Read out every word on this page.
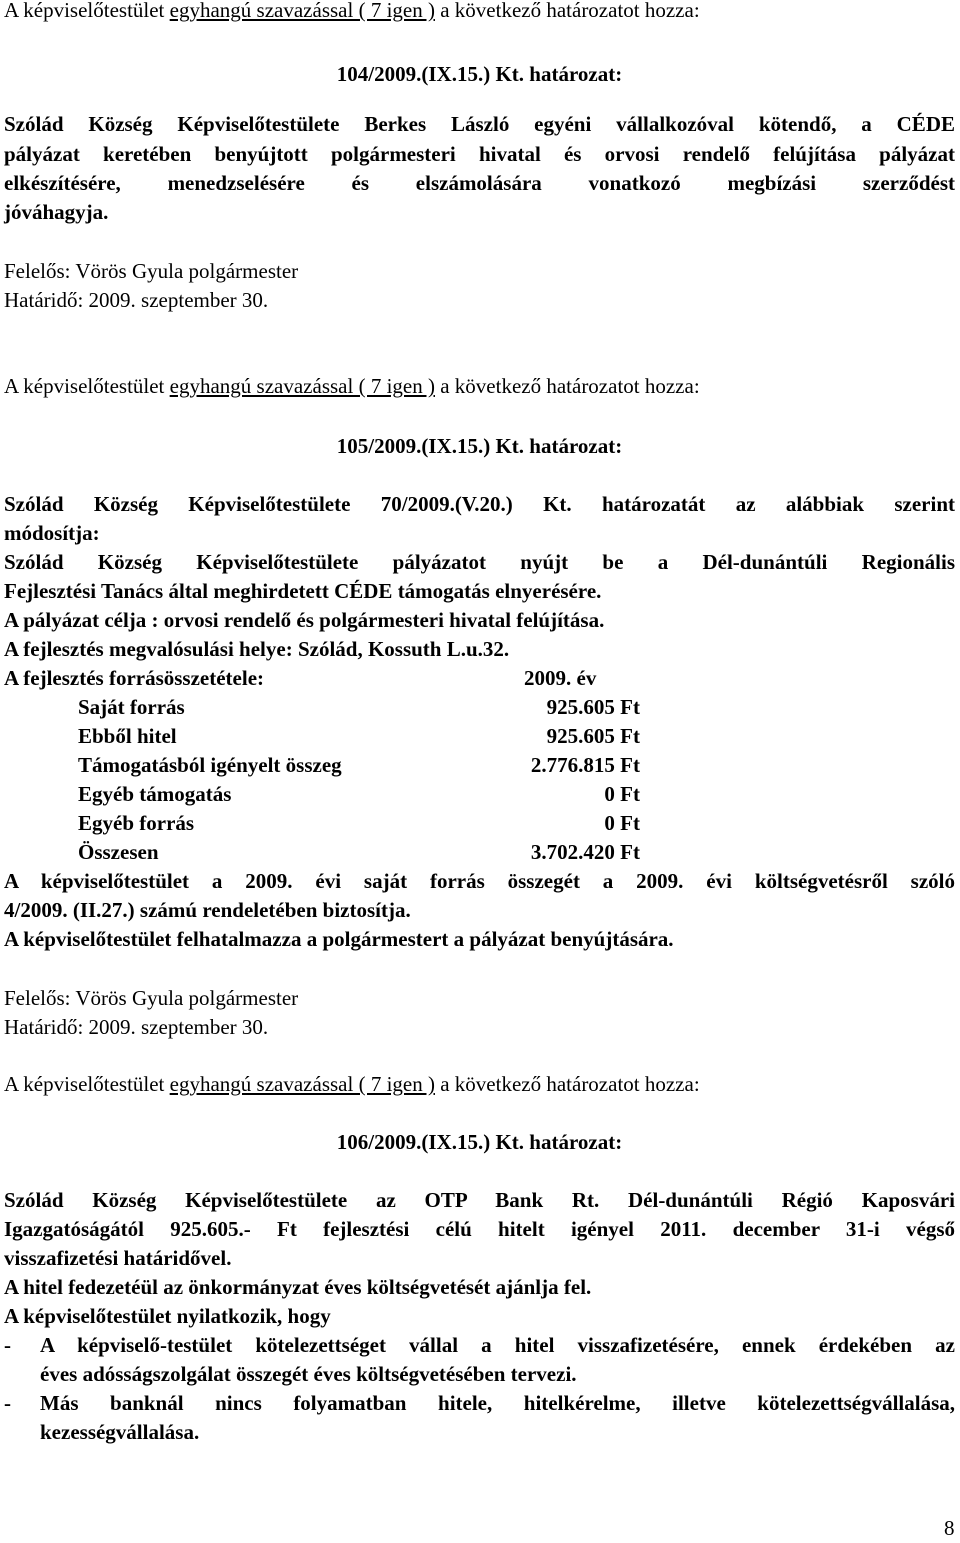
A képviselőtestület egyhangú szavazással ( 7 igen ) a következő határozatot hozza:
104/2009.(IX.15.) Kt. határozat:
Szólád Község Képviselőtestülete Berkes László egyéni vállalkozóval kötendő, a CÉDE
pályázat keretében benyújtott polgármesteri hivatal és orvosi rendelő felújítása pályázat
elkészítésére, menedzselésére és elszámolására vonatkozó megbízási szerződést
jóváhagyja.
Felelős: Vörös Gyula polgármester
Határidő: 2009. szeptember 30.
A képviselőtestület egyhangú szavazással ( 7 igen ) a következő határozatot hozza:
105/2009.(IX.15.) Kt. határozat:
Szólád Község Képviselőtestülete 70/2009.(V.20.) Kt. határozatát az alábbiak szerint
módosítja:
Szólád Község Képviselőtestülete pályázatot nyújt be a Dél-dunántúli Regionális
Fejlesztési Tanács által meghirdetett CÉDE támogatás elnyerésére.
A pályázat célja : orvosi rendelő és polgármesteri hivatal felújítása.
A fejlesztés megvalósulási helye: Szólád, Kossuth L.u.32.
A fejlesztés forrásösszetétele:	2009. év
Saját forrás	925.605 Ft
Ebből hitel	925.605 Ft
Támogatásból igényelt összeg	2.776.815 Ft
Egyéb támogatás	0 Ft
Egyéb forrás	0 Ft
Összesen	3.702.420 Ft
A képviselőtestület a 2009. évi saját forrás összegét a 2009. évi költségvetésről szóló
4/2009. (II.27.) számú rendeletében biztosítja.
A képviselőtestület felhatalmazza a polgármestert a pályázat benyújtására.
Felelős: Vörös Gyula polgármester
Határidő: 2009. szeptember 30.
A képviselőtestület egyhangú szavazással ( 7 igen ) a következő határozatot hozza:
106/2009.(IX.15.) Kt. határozat:
Szólád Község Képviselőtestülete az OTP Bank Rt. Dél-dunántúli Régió Kaposvári
Igazgatóságától 925.605.- Ft fejlesztési célú hitelt igényel 2011. december 31-i végső
visszafizetési határidővel.
A hitel fedezetéül az önkormányzat éves költségvetését ajánlja fel.
A képviselőtestület nyilatkozik, hogy
- A képviselő-testület kötelezettséget vállal a hitel visszafizetésére, ennek érdekében az
éves adósságszolgálat összegét éves költségvetésében tervezi.
- Más banknál nincs folyamatban hitele, hitelkérelme, illetve kötelezettségvállalása,
kezességvállalása.
8
